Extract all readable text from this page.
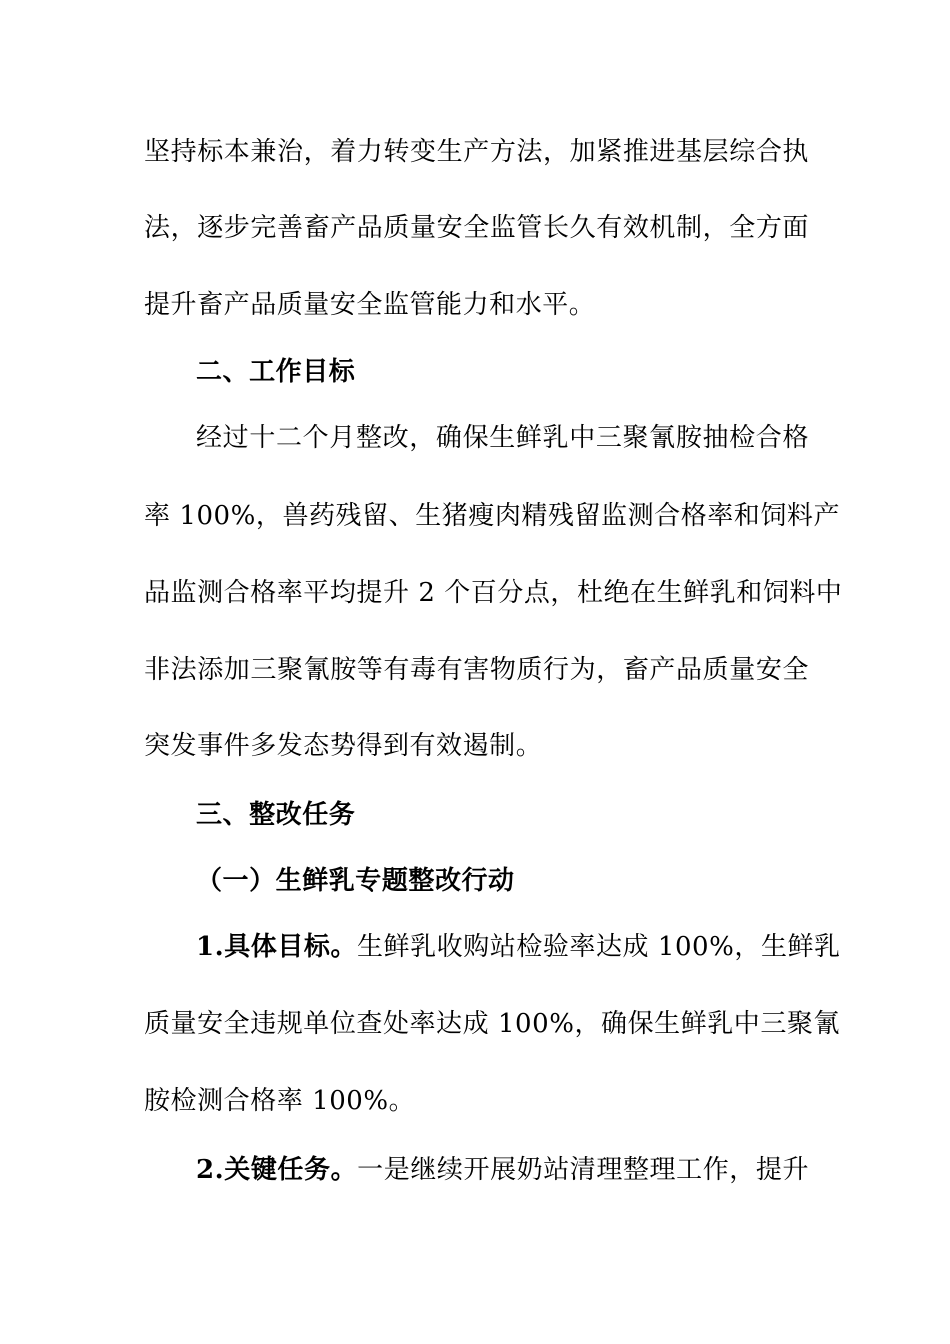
坚持标本兼治，着力转变生产方法，加紧推进基层综合执
法，逐步完善畜产品质量安全监管长久有效机制，全方面
提升畜产品质量安全监管能力和水平。
二、工作目标
经过十二个月整改，确保生鲜乳中三聚氰胺抽检合格
率 100%，兽药残留、生猪瘦肉精残留监测合格率和饲料产
品监测合格率平均提升 2 个百分点，杜绝在生鲜乳和饲料中
非法添加三聚氰胺等有毒有害物质行为，畜产品质量安全
突发事件多发态势得到有效遏制。
三、整改任务
（一）生鲜乳专题整改行动
1.具体目标。生鲜乳收购站检验率达成 100%，生鲜乳
质量安全违规单位查处率达成 100%，确保生鲜乳中三聚氰
胺检测合格率 100%。
2.关键任务。一是继续开展奶站清理整理工作，提升
